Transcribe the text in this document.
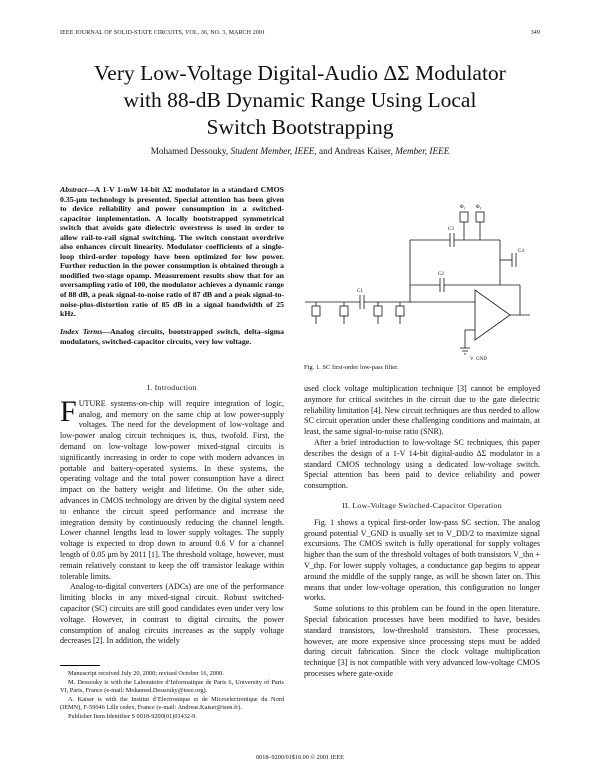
IEEE JOURNAL OF SOLID-STATE CIRCUITS, VOL. 36, NO. 3, MARCH 2001	349
Very Low-Voltage Digital-Audio ΔΣ Modulator
with 88-dB Dynamic Range Using Local
Switch Bootstrapping
Mohamed Dessouky, Student Member, IEEE, and Andreas Kaiser, Member, IEEE
Abstract—A 1-V 1-mW 14-bit ΔΣ modulator in a standard CMOS 0.35-μm technology is presented. Special attention has been given to device reliability and power consumption in a switched-capacitor implementation. A locally bootstrapped symmetrical switch that avoids gate dielectric overstress is used in order to allow rail-to-rail signal switching. The switch constant overdrive also enhances circuit linearity. Modulator coefficients of a single-loop third-order topology have been optimized for low power. Further reduction in the power consumption is obtained through a modified two-stage opamp. Measurement results show that for an oversampling ratio of 100, the modulator achieves a dynamic range of 88 dB, a peak signal-to-noise ratio of 87 dB and a peak signal-to-noise-plus-distortion ratio of 85 dB in a signal bandwidth of 25 kHz.
Index Terms—Analog circuits, bootstrapped switch, delta–sigma modulators, switched-capacitor circuits, very low voltage.
I. Introduction

FUTURE systems-on-chip will require integration of logic, analog, and memory on the same chip at low power-supply voltages. The need for the development of low-voltage and low-power analog circuit techniques is, thus, twofold. First, the demand on low-voltage low-power mixed-signal circuits is significantly increasing in order to cope with modern advances in portable and battery-operated systems. In these systems, the operating voltage and the total power consumption have a direct impact on the battery weight and lifetime. On the other side, advances in CMOS technology are driven by the digital system need to enhance the circuit speed performance and increase the integration density by continuously reducing the channel length. Lower channel lengths lead to lower supply voltages. The supply voltage is expected to drop down to around 0.6 V for a channel length of 0.05 μm by 2011 [1]. The threshold voltage, however, must remain relatively constant to keep the off transistor leakage within tolerable limits.

Analog-to-digital converters (ADCs) are one of the performance limiting blocks in any mixed-signal circuit. Robust switched-capacitor (SC) circuits are still good candidates even under very low voltage. However, in contrast to digital circuits, the power consumption of analog circuits increases as the supply voltage decreases [2]. In addition, the widely

Manuscript received July 20, 2000; revised October 16, 2000.

M. Dessouky is with the Laboratoire d’Informatique de Paris 6, University of Paris VI, Paris, France (e-mail: Mohamed.Dessouky@ieee.org).

A. Kaiser is with the Institut d’Electronique et de Microelectronique du Nord (IEMN), F-59046 Lille cedex, France (e-mail: Andreas.Kaiser@isen.fr).

Publisher Item Identifier S 0018-9200(01)01432-9.

C1
C2
C3
C4
Φ₁ Φ₂
V_GND
Fig. 1. SC first-order low-pass filter.

used clock voltage multiplication technique [3] cannot be employed anymore for critical switches in the circuit due to the gate dielectric reliability limitation [4]. New circuit techniques are thus needed to allow SC circuit operation under these challenging conditions and maintain, at least, the same signal-to-noise ratio (SNR).

After a brief introduction to low-voltage SC techniques, this paper describes the design of a 1-V 14-bit digital-audio ΔΣ modulator in a standard CMOS technology using a dedicated low-voltage switch. Special attention has been paid to device reliability and power consumption.

II. Low-Voltage Switched-Capacitor Operation

Fig. 1 shows a typical first-order low-pass SC section. The analog ground potential V_GND is usually set to V_DD/2 to maximize signal excursions. The CMOS switch is fully operational for supply voltages higher than the sum of the threshold voltages of both transistors V_thn + V_thp. For lower supply voltages, a conductance gap begins to appear around the middle of the supply range, as will be shown later on. This means that under low-voltage operation, this configuration no longer works.

Some solutions to this problem can be found in the open literature. Special fabrication processes have been modified to have, besides standard transistors, low-threshold transistors. These processes, however, are more expensive since processing steps must be added during circuit fabrication. Since the clock voltage multiplication technique [3] is not compatible with very advanced low-voltage CMOS processes where gate-oxide

0018–9200/01$10.00 © 2001 IEEE
